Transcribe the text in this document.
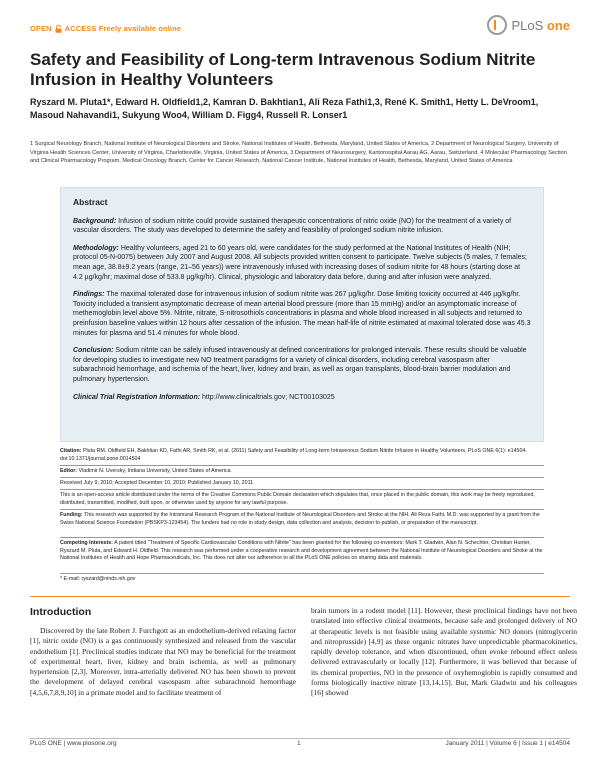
OPEN ACCESS Freely available online	PLoS one
Safety and Feasibility of Long-term Intravenous Sodium Nitrite Infusion in Healthy Volunteers

Ryszard M. Pluta1*, Edward H. Oldfield1,2, Kamran D. Bakhtian1, Ali Reza Fathi1,3, René K. Smith1, Hetty L. DeVroom1, Masoud Nahavandi1, Sukyung Woo4, William D. Figg4, Russell R. Lonser1

1 Surgical Neurology Branch, National Institute of Neurological Disorders and Stroke, National Institutes of Health, Bethesda, Maryland, United States of America, 2 Department of Neurological Surgery, University of Virginia Health Sciences Center, University of Virginia, Charlottesville, Virginia, United States of America, 3 Department of Neurosurgery, Kantonsspital Aarau AG, Aarau, Switzerland, 4 Molecular Pharmacology Section and Clinical Pharmacology Program, Medical Oncology Branch, Center for Cancer Research, National Cancer Institute, National Institutes of Health, Bethesda, Maryland, United States of America

Abstract

Background: Infusion of sodium nitrite could provide sustained therapeutic concentrations of nitric oxide (NO) for the treatment of a variety of vascular disorders. The study was developed to determine the safety and feasibility of prolonged sodium nitrite infusion.

Methodology: Healthy volunteers, aged 21 to 60 years old, were candidates for the study performed at the National Institutes of Health (NIH; protocol 05-N-0075) between July 2007 and August 2008. All subjects provided written consent to participate. Twelve subjects (5 males, 7 females; mean age, 38.8±9.2 years (range, 21–56 years)) were intravenously infused with increasing doses of sodium nitrite for 48 hours (starting dose at 4.2 µg/kg/hr; maximal dose of 533.8 µg/kg/hr). Clinical, physiologic and laboratory data before, during and after infusion were analyzed.

Findings: The maximal tolerated dose for intravenous infusion of sodium nitrite was 267 µg/kg/hr. Dose limiting toxicity occurred at 446 µg/kg/hr. Toxicity included a transient asymptomatic decrease of mean arterial blood pressure (more than 15 mmHg) and/or an asymptomatic increase of methemoglobin level above 5%. Nitrite, nitrate, S-nitrosothiols concentrations in plasma and whole blood increased in all subjects and returned to preinfusion baseline values within 12 hours after cessation of the infusion. The mean half-life of nitrite estimated at maximal tolerated dose was 45.3 minutes for plasma and 51.4 minutes for whole blood.

Conclusion: Sodium nitrite can be safely infused intravenously at defined concentrations for prolonged intervals. These results should be valuable for developing studies to investigate new NO treatment paradigms for a variety of clinical disorders, including cerebral vasospasm after subarachnoid hemorrhage, and ischemia of the heart, liver, kidney and brain, as well as organ transplants, blood-brain barrier modulation and pulmonary hypertension.

Clinical Trial Registration Information: http://www.clinicaltrials.gov; NCT00103025

Citation: Pluta RM, Oldfield EH, Bakhtian KD, Fathi AR, Smith RK, et al. (2011) Safety and Feasibility of Long-term Intravenous Sodium Nitrite Infusion in Healthy Volunteers. PLoS ONE 6(1): e14504. doi:10.1371/journal.pone.0014504

Editor: Vladimir N. Uversky, Indiana University, United States of America

Received July 9, 2010; Accepted December 10, 2010; Published January 10, 2011

This is an open-access article distributed under the terms of the Creative Commons Public Domain declaration which stipulates that, once placed in the public domain, this work may be freely reproduced, distributed, transmitted, modified, built upon, or otherwise used by anyone for any lawful purpose.

Funding: This research was supported by the Intramural Research Program of the National Institute of Neurological Disorders and Stroke at the NIH. Ali Reza Fathi, M.D. was supported by a grant from the Swiss National Science Foundation (PBSKP3-123454). The funders had no role in study design, data collection and analysis, decision to publish, or preparation of the manuscript.

Competing Interests: A patent titled "Treatment of Specific Cardiovascular Conditions with Nitrite" has been granted for the following co-inventors: Mark T. Gladwin, Alan N. Schechter, Christian Hunter, Ryszard M. Pluta, and Edward H. Oldfield. This research was performed under a cooperative research and development agreement between the National Institute of Neurological Disorders and Stroke at the National Institutes of Health and Hope Pharmaceuticals, Inc. This does not alter our adherence to all the PLoS ONE policies on sharing data and materials.

* E-mail: ryszard@ninds.nih.gov

Introduction

Discovered by the late Robert J. Furchgott as an endothelium-derived relaxing factor [1], nitric oxide (NO) is a gas continuously synthesized and released from the vascular endothelium [1]. Preclinical studies indicate that NO may be beneficial for the treatment of experimental heart, liver, kidney and brain ischemia, as well as pulmonary hypertension [2,3]. Moreover, intra-arterially delivered NO has been shown to prevent the development of delayed cerebral vasospasm after subarachnoid hemorrhage [4,5,6,7,8,9,10] in a primate model and to facilitate treatment of

brain tumors in a rodent model [11]. However, these preclinical findings have not been translated into effective clinical treatments, because safe and prolonged delivery of NO at therapeutic levels is not feasible using available systemic NO donors (nitroglycerin and nitroprusside) [4,9] as these organic nitrates have unpredictable pharmacokinetics, rapidly develop tolerance, and when discontinued, often evoke rebound effect unless delivered extravascularly or locally [12]. Furthermore, it was believed that because of its chemical properties, NO in the presence of oxyhemoglobin is rapidly consumed and forms biologically inactive nitrate [13,14,15]. But, Mark Gladwin and his colleagues [16] showed

PLoS ONE | www.plosone.org	1	January 2011 | Volume 6 | Issue 1 | e14504
